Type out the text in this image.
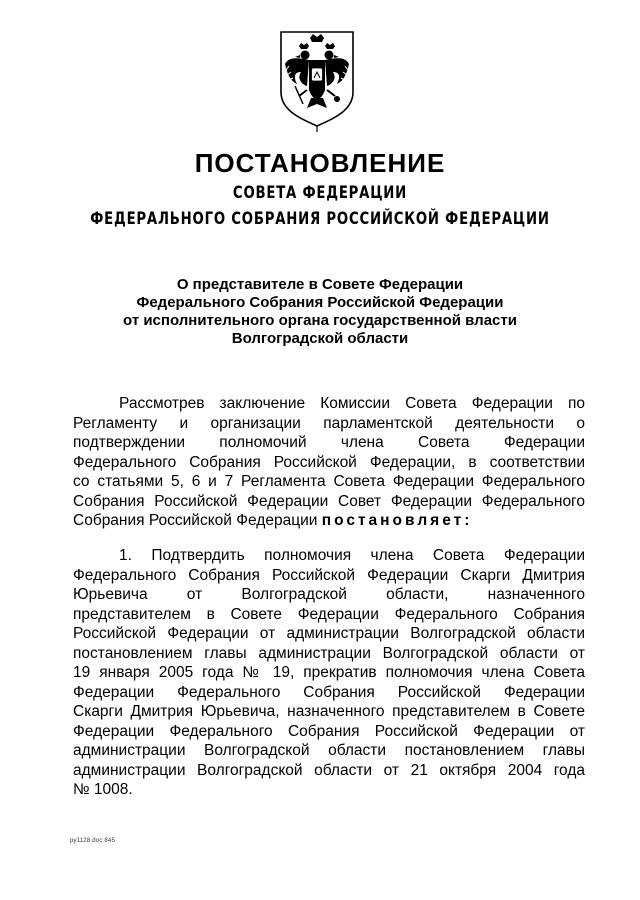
ПОСТАНОВЛЕНИЕ
СОВЕТА ФЕДЕРАЦИИ
ФЕДЕРАЛЬНОГО СОБРАНИЯ РОССИЙСКОЙ ФЕДЕРАЦИИ
О представителе в Совете Федерации
Федерального Собрания Российской Федерации
от исполнительного органа государственной власти
Волгоградской области
Рассмотрев заключение Комиссии Совета Федерации по
Регламенту и организации парламентской деятельности о
подтверждении полномочий члена Совета Федерации
Федерального Собрания Российской Федерации, в соответствии
со статьями 5, 6 и 7 Регламента Совета Федерации Федерального
Собрания Российской Федерации Совет Федерации Федерального
Собрания Российской Федерации постановляет:
1. Подтвердить полномочия члена Совета Федерации
Федерального Собрания Российской Федерации Скарги Дмитрия
Юрьевича от Волгоградской области, назначенного
представителем в Совете Федерации Федерального Собрания
Российской Федерации от администрации Волгоградской области
постановлением главы администрации Волгоградской области от
19 января 2005 года № 19, прекратив полномочия члена Совета
Федерации Федерального Собрания Российской Федерации
Скарги Дмитрия Юрьевича, назначенного представителем в Совете
Федерации Федерального Собрания Российской Федерации от
администрации Волгоградской области постановлением главы
администрации Волгоградской области от 21 октября 2004 года
№ 1008.
ру1128.doc 845
